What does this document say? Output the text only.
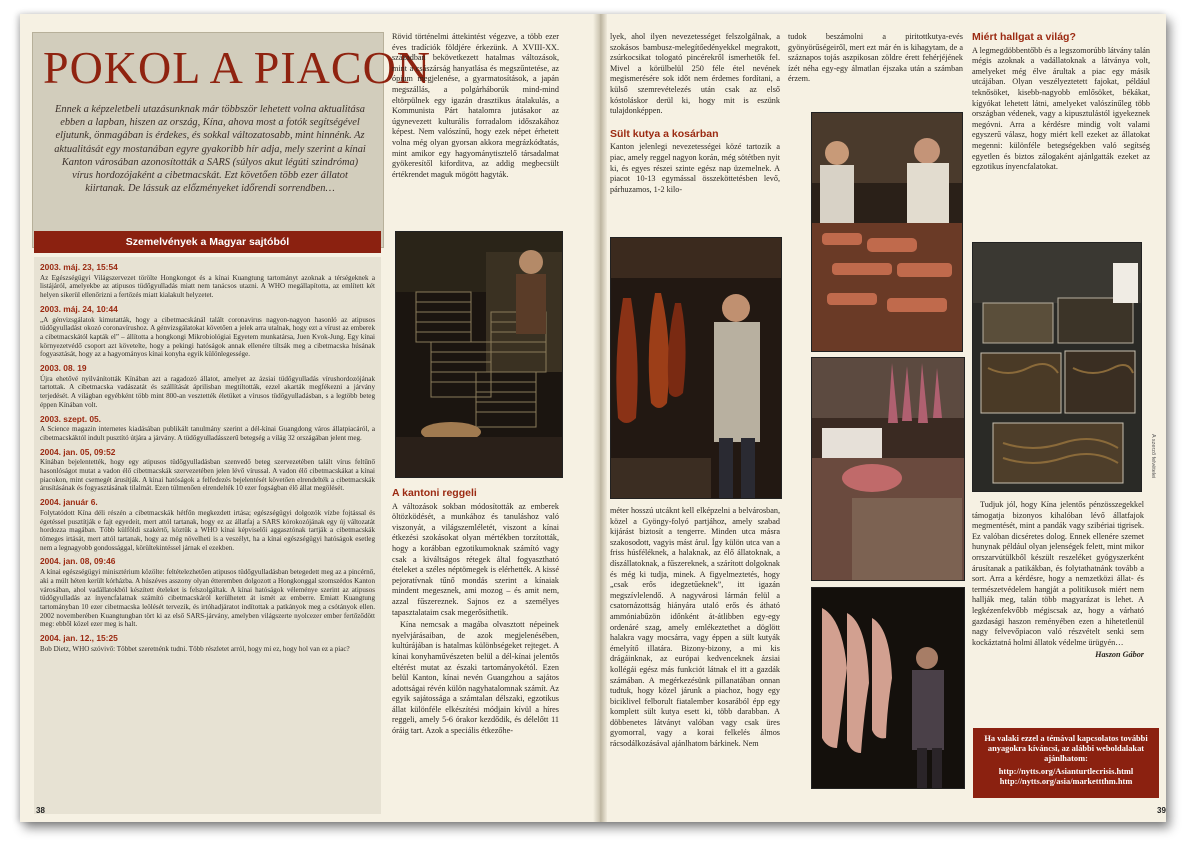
POKOL A PIACON
Ennek a képzeletbeli utazásunknak már többször lehetett volna aktualitása ebben a lapban, hiszen az ország, Kína, ahova most a fotók segítségével eljutunk, önmagában is érdekes, és sokkal változatosabb, mint hinnénk. Az aktualitását egy mostanában egyre gyakoribb hír adja, mely szerint a kínai Kanton városában azonosították a SARS (súlyos akut légúti szindróma) vírus hordozójaként a cibetmacskát. Ezt követően több ezer állatot kiirtanak. De lássuk az előzményeket időrendi sorrendben…
Szemelvények a Magyar sajtóból
2003. máj. 23, 15:54
Az Egészségügyi Világszervezet törölte Hongkongot és a kínai Kuangtung tartományt azoknak a térségeknek a listájáról, amelyekbe az atipusos tüdőgyulladás miatt nem tanácsos utazni. A WHO megállapította, az említett két helyen sikerül ellenőrizni a fertőzés miatt kialakult helyzetet.
2003. máj. 24, 10:44
„A génvizsgálatok kimutatták, hogy a cibetmacskánál talált coronavirus nagyon-nagyon hasonló az atipusos tüdőgyulladást okozó coronavírushoz. A génvizsgálatokat követően a jelek arra utalnak, hogy ezt a vírust az emberek a cibetmacskától kapták el” – állította a hongkongi Mikrobiológiai Egyetem munkatársa, Juen Kvok-Jung. Egy kínai környezetvédő csoport azt követelte, hogy a pekingi hatóságok annak ellenére tiltsák meg a cibetmacska húsának fogyasztását, hogy az a hagyományos kínai konyha egyik különlegessége.
2003. 08. 19
Újra ehetővé nyilvánították Kínában azt a ragadozó állatot, amelyet az ázsiai tüdőgyulladás vírushordozójának tartottak. A cibetmacska vadászatát és szállítását áprilisban megtiltották, ezzel akarták megfékezni a járvány terjedését. A világban egyébként több mint 800-an vesztették életüket a vírusos tüdőgyulladásban, s a legtöbb beteg éppen Kínában volt.
2003. szept. 05.
A Science magazin internetes kiadásában publikált tanulmány szerint a dél-kínai Guangdong város állatpiacáról, a cibetmacskáktól indult pusztító útjára a járvány. A tüdőgyulladásszerű betegség a világ 32 országában jelent meg.
2004. jan. 05, 09:52
Kínában bejelentették, hogy egy atipusos tüdőgyulladásban szenvedő beteg szervezetében talált vírus feltűnő hasonlóságot mutat a vadon élő cibetmacskák szervezetében jelen lévő vírussal. A vadon élő cibetmacskákat a kínai piacokon, mint csemegét árusítják. A kínai hatóságok a felfedezés bejelentését követően elrendelték a cibetmacskák árusításának és fogyasztásának tilalmát. Ezen túlmenően elrendelték 10 ezer fogságban élő állat megölését.
2004. január 6.
Folytatódott Kína déli részén a cibetmacskák hétfőn megkezdett irtása; egészségügyi dolgozók vízbe fojtással és égetéssel pusztítják e fajt egyedeit, mert attól tartanak, hogy ez az állatfaj a SARS kórokozójának egy új változatát hordozza magában. Több külföldi szakértő, köztük a WHO kínai képviselői aggasztónak tartják a cibetmacskák tömeges irtását, mert attól tartanak, hogy az még növelheti is a veszélyt, ha a kínai egészségügyi hatóságok esetleg nem a legnagyobb gondossággal, körültekintéssel járnak el ezekben.
2004. jan. 08, 09:46
A kínai egészségügyi minisztérium közölte: feltételezhetően atipusos tüdőgyulladásban betegedett meg az a pincérnő, aki a múlt héten került kórházba. A húszéves asszony olyan étteremben dolgozott a Hongkonggal szomszédos Kanton városában, ahol vadállatokból készített ételeket is felszolgáltak. A kínai hatóságok véleménye szerint az atipusos tüdőgyulladás az ínyencfalatnak számító cibetmacskáról kerülhetett át ismét az emberre. Emiatt Kuangtung tartományban 10 ezer cibetmacska leölését tervezik, és irtóhadjáratot indítottak a patkányok meg a csótányok ellen. 2002 novemberében Kuangtungban tört ki az első SARS-járvány, amelyben világszerte nyolcezer ember fertőződött meg: ebből közel ezer meg is halt.
2004. jan. 12., 15:25
Bob Dietz, WHO szóvivő: Többet szeretnénk tudni. Több részletet arról, hogy mi ez, hogy hol van ez a piac?

Rövid történelmi áttekintést végezve, a több ezer éves tradíciók földjére érkezünk. A XVIII-XX. században bekövetkezett hatalmas változások, mint a császárság hanyatlása és megszűntetése, az ópium megjelenése, a gyarmatosítások, a japán megszállás, a polgárháborúk mind-mind eltörpülnek egy igazán drasztikus átalakulás, a Kommunista Párt hatalomra jutásakor az úgynevezett kulturális forradalom időszakához képest. Nem valószínű, hogy ezek népet érhetett volna még olyan gyorsan akkora megrázkódtatás, mint amikor egy hagyománytisztelő társadalmat gyökeresítől kiforditva, az addig megbecsült értékrendet maguk mögött hagyták.

A kantoni reggeli

A változások sokban módosították az emberek öltözködését, a munkához és tanuláshoz való viszonyát, a világszemléletét, viszont a kínai étkezési szokásokat olyan mértékben torzították, hogy a korábban egzotikumoknak számító vagy csak a kiváltságos rétegek által fogyasztható ételeket a széles néptömegek is elérhették. A kissé pejoratívnak tűnő mondás szerint a kínaiak mindent megesznek, ami mozog – és amit nem, azzal fűszereznek. Sajnos ez a személyes tapasztalataim csak megerősíthetik.

Kína nemcsak a magába olvasztott népeinek nyelvjárásaiban, de azok megjelenésében, kultúrájában is hatalmas különbségeket rejteget. A kínai konyhaművészeten belül a dél-kínai jelentős eltérést mutat az északi tartományokétól. Ezen belül Kanton, kínai nevén Guangzhou a sajátos adottságai révén külön nagyhatalomnak számít. Az egyik sajátossága a számtalan délszaki, egzotikus állat különféle elkészítési módjain kívül a híres reggeli, amely 5-6 órakor kezdődik, és délelőtt 11 óráig tart. Azok a speciális étkezőhe-

38

lyek, ahol ilyen nevezetességet felszolgálnak, a szokásos bambusz-melegítőedényekkel megrakott, zsúrkocsikat tologató pincérekről ismerhetők fel. Mivel a körülbelül 250 féle étel nevének megismerésére sok időt nem érdemes fordítani, a külső szemrevételezés után csak az első kóstoláskor derül ki, hogy mit is eszünk tulajdonképpen.

Sült kutya a kosárban

Kanton jelenlegi nevezetességei közé tartozik a piac, amely reggel nagyon korán, még sötétben nyit ki, és egyes részei szinte egész nap üzemelnek. A piacot 10-13 egymással összeköttetésben levő, párhuzamos, 1-2 kilo-

tudok beszámolni a piritottkutya-evés gyönyörűségeiről, mert ezt már én is kihagytam, de a száznapos tojás aszpikosan zöldre érett fehérjéjének ízét néha egy-egy álmatlan éjszaka után a számban érzem.

méter hosszú utcáknt kell elképzelni a belvárosban, közel a Gyöngy-folyó partjához, amely szabad kijárást biztosít a tengerre. Minden utca másra szakosodott, vagyis mást árul. Így külön utca van a friss húsféléknek, a halaknak, az élő állatoknak, a díszállatoknak, a fűszereknek, a szárított dolgoknak és még ki tudja, minek. A figyelmeztetés, hogy „csak erős idegzetűeknek”, itt igazán megszívlelendő. A nagyvárosi lármán felül a csatornázottság hiányára utaló erős és átható ammóniabűzön időnként át-átlibben egy-egy ordenáré szag, amely emlékeztethet a döglött halakra vagy mocsárra, vagy éppen a sült kutyák émelyítő illatára. Bizony-bizony, a mi kis drágáinknak, az európai kedvenceknek ázsiai kollégái egész más funkciót látnak el itt a gazdák számában. A megérkezésünk pillanatában onnan tudtuk, hogy közel járunk a piachoz, hogy egy biciklivel felborult fiatalember kosarából épp egy komplett sült kutya esett ki, több darabban. A döbbenetes látványt valóban vagy csak üres gyomorral, vagy a korai felkelés álmos rácsodálkozásával ajánlhatom bárkinek. Nem

Miért hallgat a világ?

A legmegdöbbentőbb és a legszomorúbb látvány talán mégis azoknak a vadállatoknak a látványa volt, amelyeket még élve árultak a piac egy másik utcájában. Olyan veszélyeztetett fajokat, például teknősöket, kisebb-nagyobb emlősöket, békákat, kígyókat lehetett látni, amelyeket valószínűleg több országban védenek, vagy a kipusztulástól igyekeznek megóvni. Arra a kérdésre mindig volt valami egyszerű válasz, hogy miért kell ezeket az állatokat megenni: különféle betegségekben való segítség egyetlen és biztos zálogaként ajánlgatták ezeket az egzotikus ínyencfalatokat.

A szerző felvételei

Tudjuk jól, hogy Kína jelentős pénzösszegekkel támogatja bizonyos kihalóban lévő állatfajok megmentését, mint a pandák vagy szibériai tigrisek. Ez valóban dicséretes dolog. Ennek ellenére szemet hunynak például olyan jelenségek felett, mint mikor orrszarvútülkből készült reszeléket gyógyszerként árusítanak a patikákban, és folytathatnánk tovább a sort. Arra a kérdésre, hogy a nemzetközi állat- és természetvédelem hangját a politikusok miért nem hallják meg, talán több magyarázat is lehet. A legkézenfekvőbb mégiscsak az, hogy a várható gazdasági haszon reményében ezen a hihetetlenül nagy felvevőpiacon való részvételt senki sem kockáztatná holmi állatok védelme ürügyén…

Haszon Gábor

39
Ha valaki ezzel a témával kapcsolatos további anyagokra kíváncsi, az alábbi weboldalakat ajánlhatom:
http://nytts.org/Asianturtlecrisis.html
http://nytts.org/asia/markettthm.htm
